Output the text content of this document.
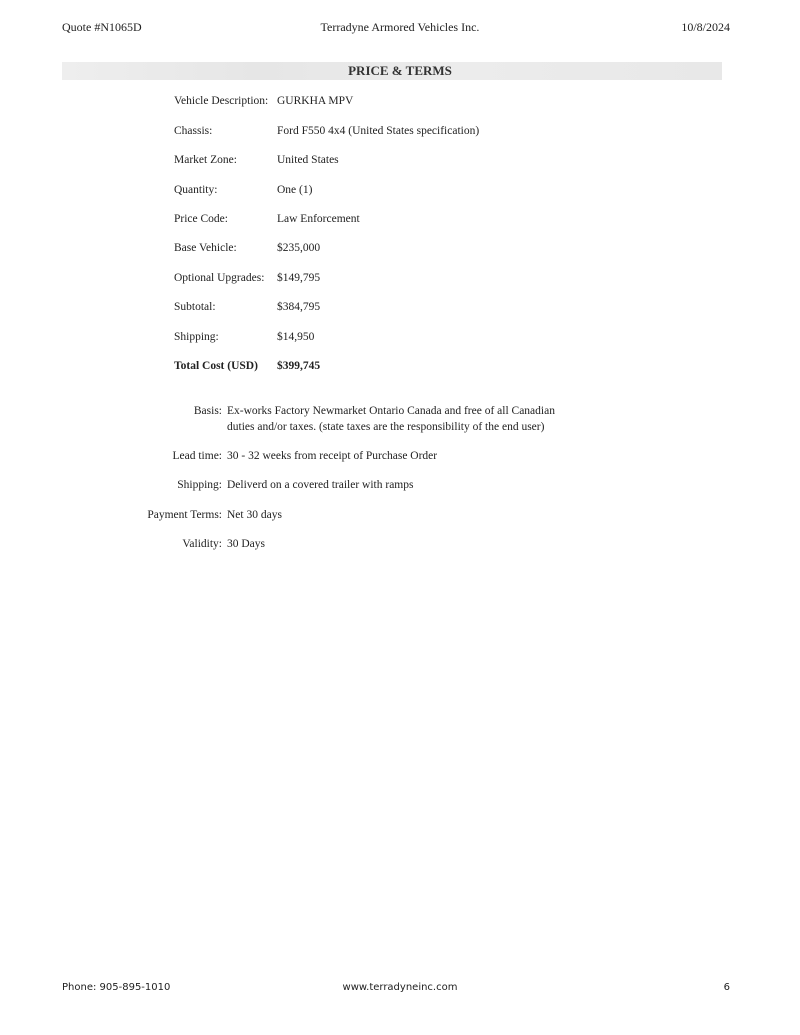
Quote #N1065D	Terradyne Armored Vehicles Inc.	10/8/2024
PRICE & TERMS
Vehicle Description: GURKHA MPV
Chassis:	Ford F550 4x4 (United States specification)
Market Zone:	United States
Quantity:	One (1)
Price Code:	Law Enforcement
Base Vehicle:	$235,000
Optional Upgrades: $149,795
Subtotal:	$384,795
Shipping:	$14,950
Total Cost (USD) $399,745
Basis: Ex-works Factory Newmarket Ontario Canada and free of all Canadian
duties and/or taxes. (state taxes are the responsibility of the end user)
Lead time: 30 - 32 weeks from receipt of Purchase Order
Shipping: Deliverd on a covered trailer with ramps
Payment Terms: Net 30 days
Validity: 30 Days
Phone: 905-895-1010	www.terradyneinc.com	6
